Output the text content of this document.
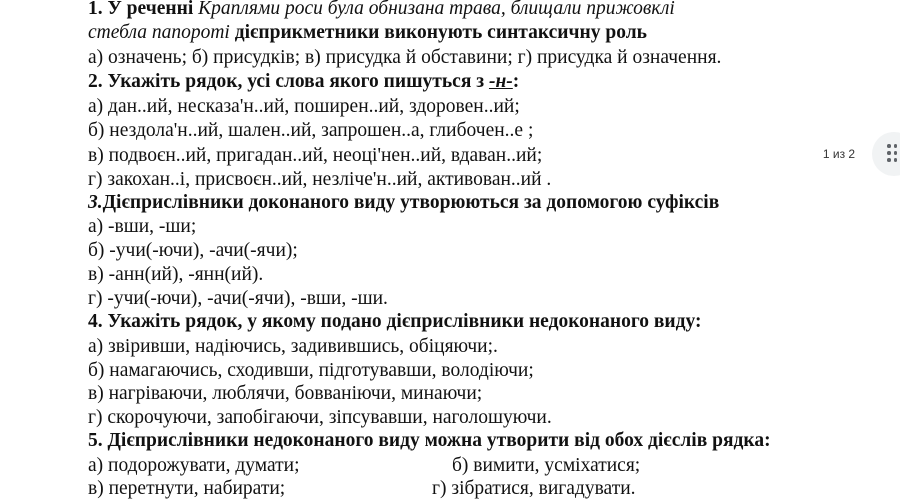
1. У реченні Краплями роси була обнизана трава, блищали прижовклі
стебла папороті дієприкметники виконують синтаксичну роль
а) означень; б) присудків; в) присудка й обставини; г) присудка й означення.
2. Укажіть рядок, усі слова якого пишуться з -н-:
а) дан..ий, несказа'н..ий, поширен..ий, здоровен..ий;
б) нездола'н..ий, шален..ий, запрошен..а, глибочен..е ;
в) подвоєн..ий, пригадан..ий, неоці'нен..ий, вдаван..ий;
г) закохан..і, присвоєн..ий, незліче'н..ий, активован..ий .
3.Дієприслівники доконаного виду утворюються за допомогою суфіксів
а) -вши, -ши;
б) -учи(-ючи), -ачи(-ячи);
в) -анн(ий), -янн(ий).
г) -учи(-ючи), -ачи(-ячи), -вши, -ши.
4. Укажіть рядок, у якому подано дієприслівники недоконаного виду:
а) звіривши, надіючись, задивившись, обіцяючи;.
б) намагаючись, сходивши, підготувавши, володіючи;
в) нагріваючи, люблячи, бовваніючи, минаючи;
г) скорочуючи, запобігаючи, зіпсувавши, наголошуючи.
5. Дієприслівники недоконаного виду можна утворити від обох дієслів рядка:
а) подорожувати, думати;	б) вимити, усміхатися;
в) перетнути, набирати;	г) зібратися, вигадувати.
1 из 2
